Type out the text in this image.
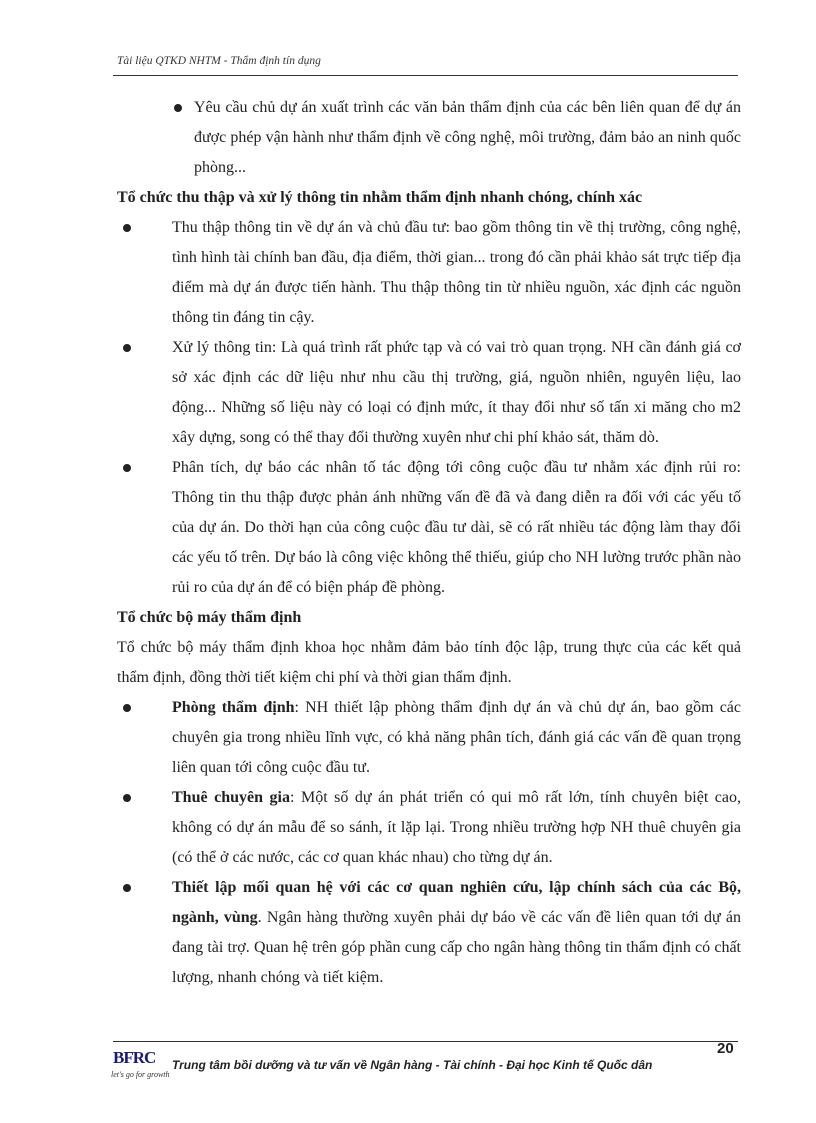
Tài liệu QTKD NHTM - Thẩm định tín dụng
Yêu cầu chủ dự án xuất trình các văn bản thẩm định của các bên liên quan để dự án được phép vận hành như thẩm định về công nghệ, môi trường, đảm bảo an ninh quốc phòng...

Tổ chức thu thập và xử lý thông tin nhằm thẩm định nhanh chóng, chính xác

Thu thập thông tin về dự án và chủ đầu tư: bao gồm thông tin về thị trường, công nghệ, tình hình tài chính ban đầu, địa điểm, thời gian... trong đó cần phải khảo sát trực tiếp địa điểm mà dự án được tiến hành. Thu thập thông tin từ nhiều nguồn, xác định các nguồn thông tin đáng tin cậy.
Xử lý thông tin: Là quá trình rất phức tạp và có vai trò quan trọng. NH cần đánh giá cơ sở xác định các dữ liệu như nhu cầu thị trường, giá, nguồn nhiên, nguyên liệu, lao động... Những số liệu này có loại có định mức, ít thay đổi như số tấn xi măng cho m2 xây dựng, song có thể thay đổi thường xuyên như chi phí khảo sát, thăm dò.
Phân tích, dự báo các nhân tố tác động tới công cuộc đầu tư nhằm xác định rủi ro: Thông tin thu thập được phản ánh những vấn đề đã và đang diễn ra đối với các yếu tố của dự án. Do thời hạn của công cuộc đầu tư dài, sẽ có rất nhiều tác động làm thay đổi các yếu tố trên. Dự báo là công việc không thể thiếu, giúp cho NH lường trước phần nào rủi ro của dự án để có biện pháp đề phòng.

Tổ chức bộ máy thẩm định

Tổ chức bộ máy thẩm định khoa học nhằm đảm bảo tính độc lập, trung thực của các kết quả thẩm định, đồng thời tiết kiệm chi phí và thời gian thẩm định.

Phòng thẩm định: NH thiết lập phòng thẩm định dự án và chủ dự án, bao gồm các chuyên gia trong nhiều lĩnh vực, có khả năng phân tích, đánh giá các vấn đề quan trọng liên quan tới công cuộc đầu tư.
Thuê chuyên gia: Một số dự án phát triển có qui mô rất lớn, tính chuyên biệt cao, không có dự án mẫu để so sánh, ít lặp lại. Trong nhiều trường hợp NH thuê chuyên gia (có thể ở các nước, các cơ quan khác nhau) cho từng dự án.
Thiết lập mối quan hệ với các cơ quan nghiên cứu, lập chính sách của các Bộ, ngành, vùng. Ngân hàng thường xuyên phải dự báo về các vấn đề liên quan tới dự án đang tài trợ. Quan hệ trên góp phần cung cấp cho ngân hàng thông tin thẩm định có chất lượng, nhanh chóng và tiết kiệm.
20
BFRC
let's go for growth
Trung tâm bồi dưỡng và tư vấn về Ngân hàng - Tài chính - Đại học Kinh tế Quốc dân
